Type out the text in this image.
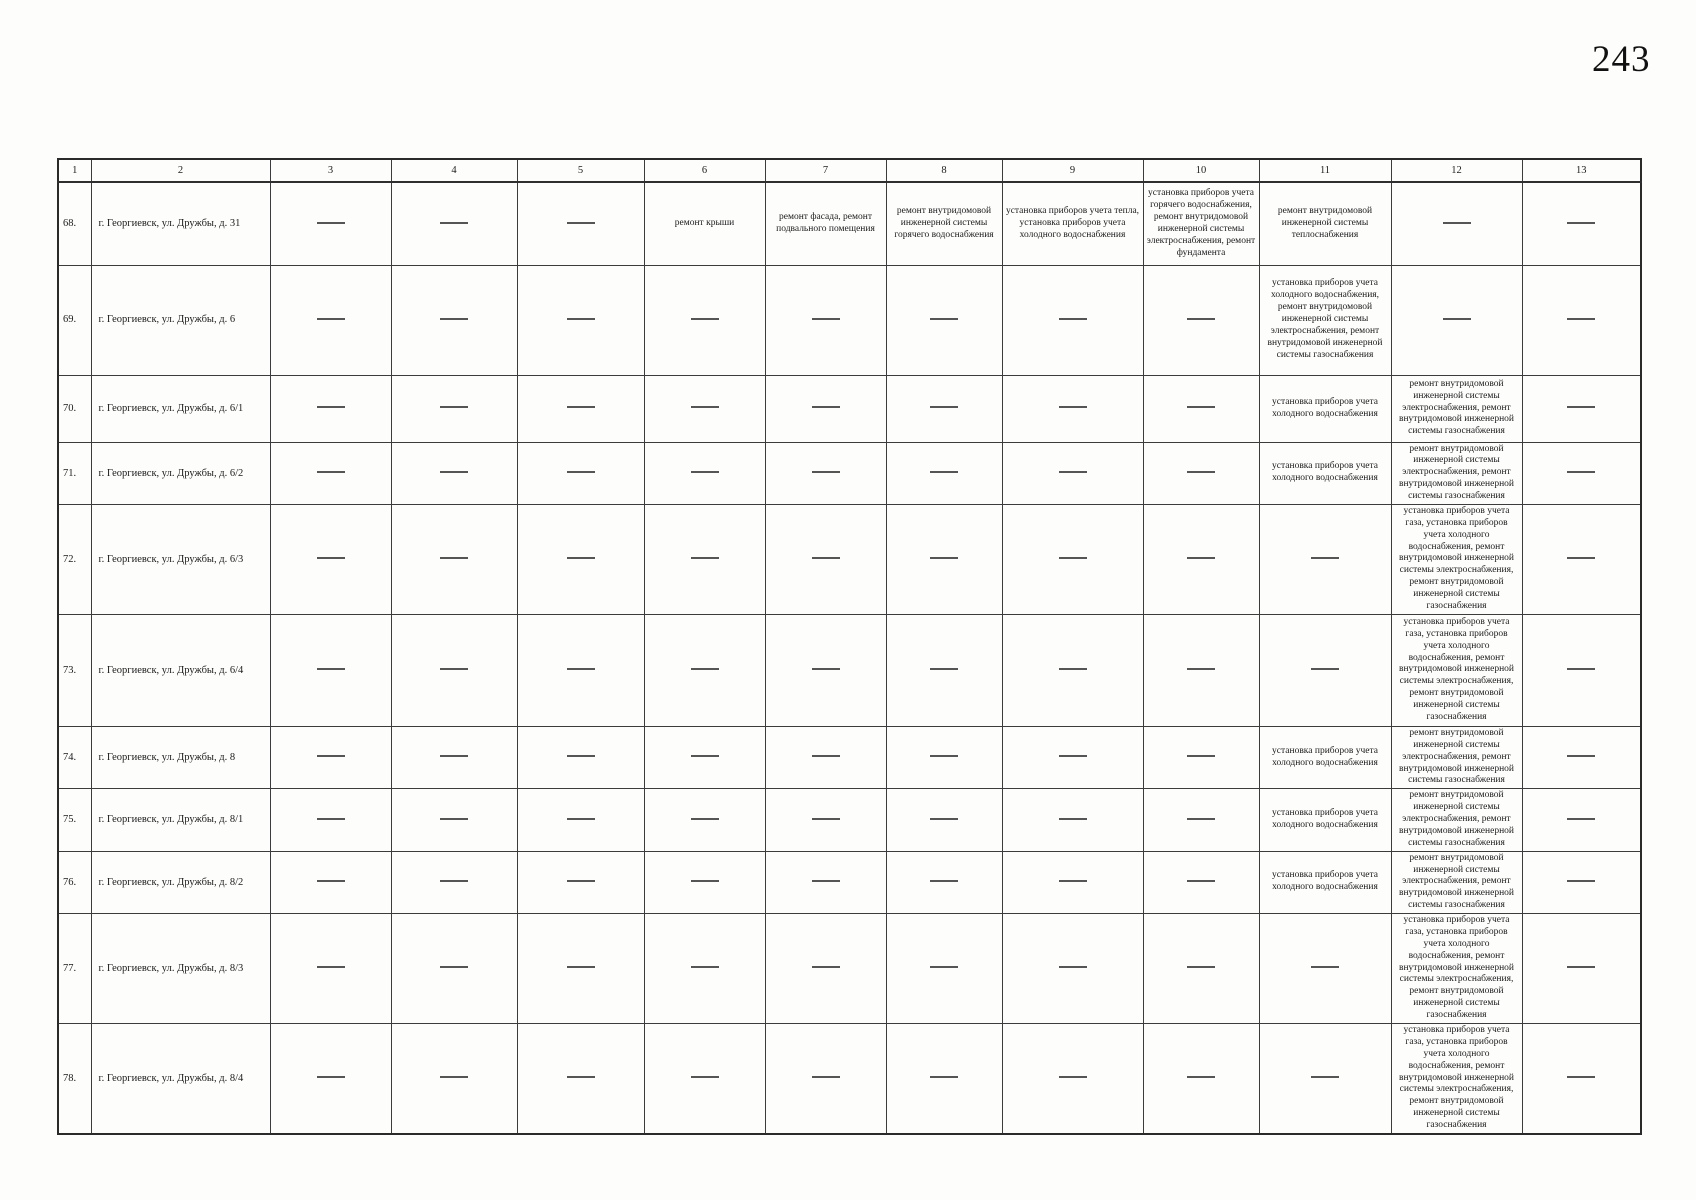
243
1	2	3	4	5	6	7	8	9	10	11	12	13
68.	г. Георгиевск, ул. Дружбы, д. 31				ремонт крыши	ремонт фасада, ремонт подвального помещения	ремонт внутридомовой инженерной системы горячего водоснабжения	установка приборов учета тепла, установка приборов учета холодного водоснабжения	установка приборов учета горячего водоснабжения, ремонт внутридомовой инженерной системы электроснабжения, ремонт фундамента	ремонт внутридомовой инженерной системы теплоснабжения		
69.	г. Георгиевск, ул. Дружбы, д. 6									установка приборов учета холодного водоснабжения, ремонт внутридомовой инженерной системы электроснабжения, ремонт внутридомовой инженерной системы газоснабжения		
70.	г. Георгиевск, ул. Дружбы, д. 6/1									установка приборов учета холодного водоснабжения	ремонт внутридомовой инженерной системы электроснабжения, ремонт внутридомовой инженерной системы газоснабжения	
71.	г. Георгиевск, ул. Дружбы, д. 6/2									установка приборов учета холодного водоснабжения	ремонт внутридомовой инженерной системы электроснабжения, ремонт внутридомовой инженерной системы газоснабжения	
72.	г. Георгиевск, ул. Дружбы, д. 6/3										установка приборов учета газа, установка приборов учета холодного водоснабжения, ремонт внутридомовой инженерной системы электроснабжения, ремонт внутридомовой инженерной системы газоснабжения	
73.	г. Георгиевск, ул. Дружбы, д. 6/4										установка приборов учета газа, установка приборов учета холодного водоснабжения, ремонт внутридомовой инженерной системы электроснабжения, ремонт внутридомовой инженерной системы газоснабжения	
74.	г. Георгиевск, ул. Дружбы, д. 8									установка приборов учета холодного водоснабжения	ремонт внутридомовой инженерной системы электроснабжения, ремонт внутридомовой инженерной системы газоснабжения	
75.	г. Георгиевск, ул. Дружбы, д. 8/1									установка приборов учета холодного водоснабжения	ремонт внутридомовой инженерной системы электроснабжения, ремонт внутридомовой инженерной системы газоснабжения	
76.	г. Георгиевск, ул. Дружбы, д. 8/2									установка приборов учета холодного водоснабжения	ремонт внутридомовой инженерной системы электроснабжения, ремонт внутридомовой инженерной системы газоснабжения	
77.	г. Георгиевск, ул. Дружбы, д. 8/3										установка приборов учета газа, установка приборов учета холодного водоснабжения, ремонт внутридомовой инженерной системы электроснабжения, ремонт внутридомовой инженерной системы газоснабжения	
78.	г. Георгиевск, ул. Дружбы, д. 8/4										установка приборов учета газа, установка приборов учета холодного водоснабжения, ремонт внутридомовой инженерной системы электроснабжения, ремонт внутридомовой инженерной системы газоснабжения	
